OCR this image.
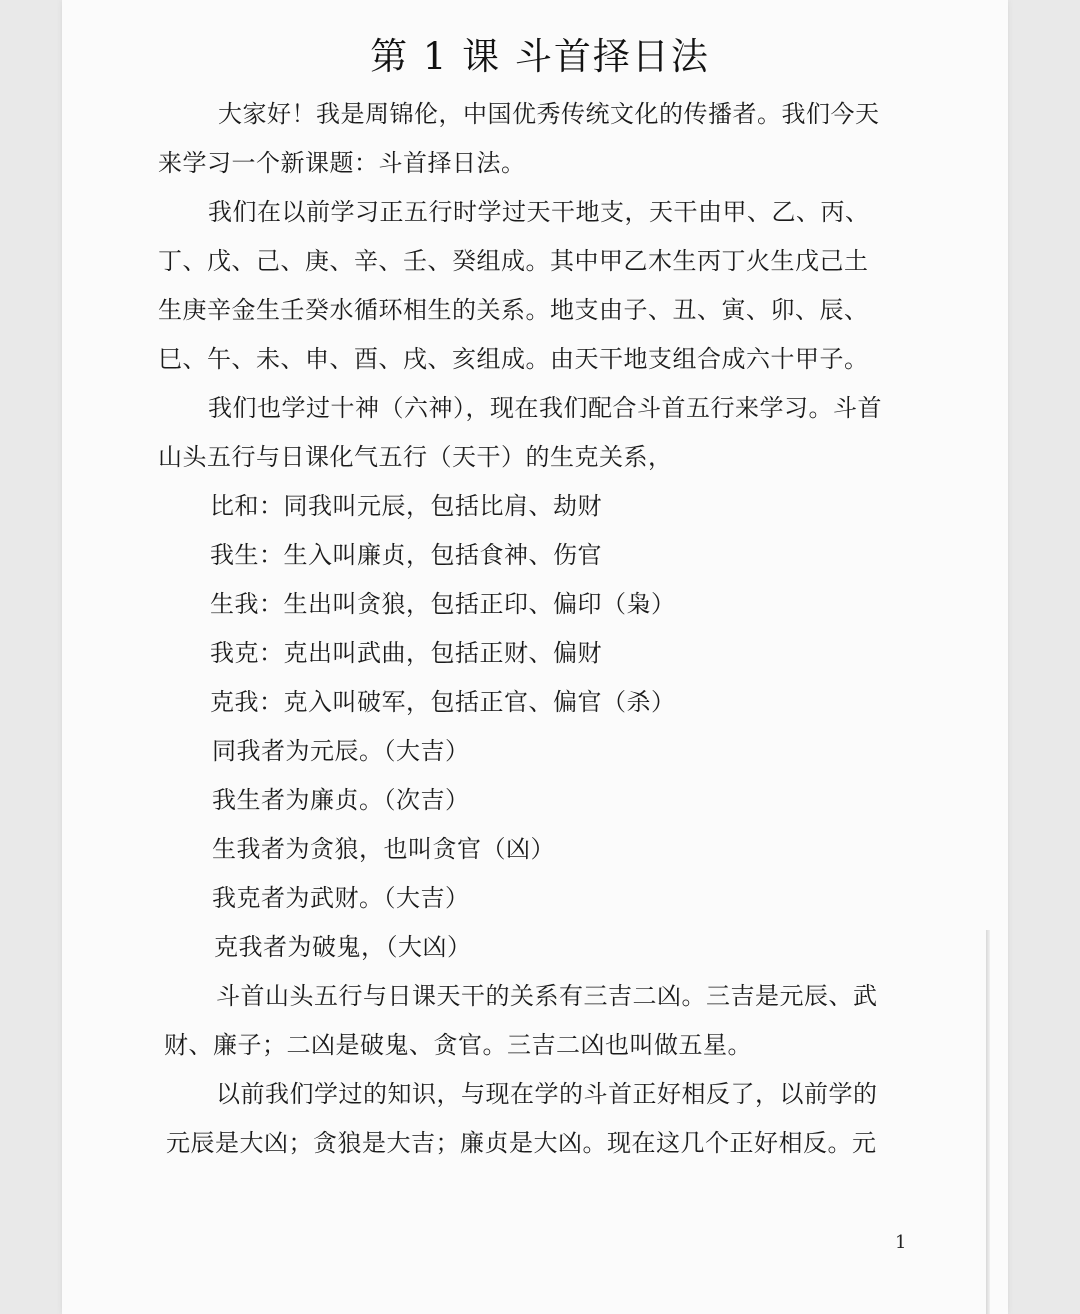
第 1 课 斗首择日法
大家好！我是周锦伦，中国优秀传统文化的传播者。我们今天
来学习一个新课题：斗首择日法。
我们在以前学习正五行时学过天干地支，天干由甲、乙、丙、
丁、戊、己、庚、辛、壬、癸组成。其中甲乙木生丙丁火生戊己土
生庚辛金生壬癸水循环相生的关系。地支由子、丑、寅、卯、辰、
巳、午、未、申、酉、戌、亥组成。由天干地支组合成六十甲子。
我们也学过十神（六神），现在我们配合斗首五行来学习。斗首
山头五行与日课化气五行（天干）的生克关系，
比和：同我叫元辰，包括比肩、劫财
我生：生入叫廉贞，包括食神、伤官
生我：生出叫贪狼，包括正印、偏印（枭）
我克：克出叫武曲，包括正财、偏财
克我：克入叫破军，包括正官、偏官（杀）
同我者为元辰。（大吉）
我生者为廉贞。（次吉）
生我者为贪狼，也叫贪官（凶）
我克者为武财。（大吉）
克我者为破鬼，（大凶）
斗首山头五行与日课天干的关系有三吉二凶。三吉是元辰、武
财、廉子；二凶是破鬼、贪官。三吉二凶也叫做五星。
以前我们学过的知识，与现在学的斗首正好相反了，以前学的
元辰是大凶；贪狼是大吉；廉贞是大凶。现在这几个正好相反。元
1
